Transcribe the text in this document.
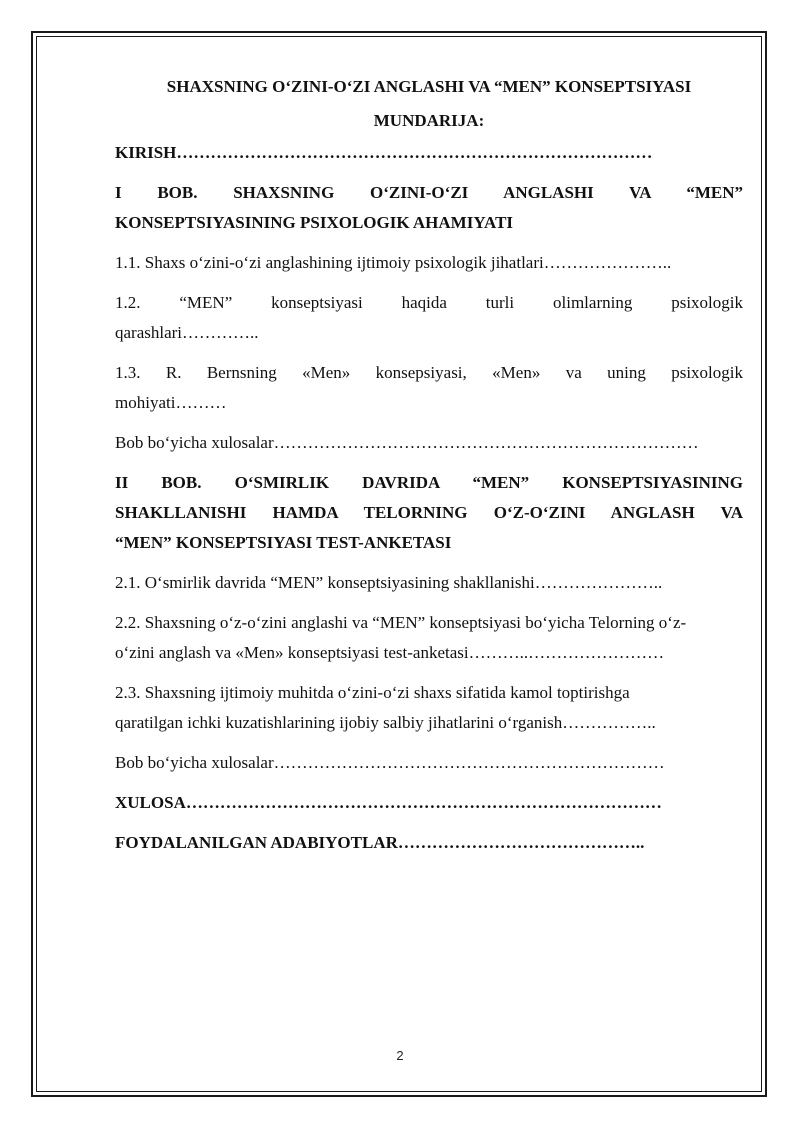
SHAXSNING O‘ZINI-O‘ZI ANGLASHI VA “MEN” KONSEPTSIYASI

MUNDARIJA:

KIRISH…………………………………………………………………………

I BOB. SHAXSNING O‘ZINI-O‘ZI ANGLASHI VA “MEN”

KONSEPTSIYASINING PSIXOLOGIK AHAMIYATI

1.1. Shaxs o‘zini-o‘zi anglashining ijtimoiy psixologik jihatlari…………………..

1.2. “MEN” konseptsiyasi haqida turli olimlarning psixologik

qarashlari…………..

1.3. R. Bernsning «Men» konsepsiyasi, «Men» va uning psixologik

mohiyati………

Bob bo‘yicha xulosalar…………………………………………………………………

II BOB. O‘SMIRLIK DAVRIDA “MEN” KONSEPTSIYASINING

SHAKLLANISHI HAMDA TELORNING O‘Z-O‘ZINI ANGLASH VA

“MEN” KONSEPTSIYASI TEST-ANKETASI

2.1. O‘smirlik davrida “MEN” konseptsiyasining shakllanishi…………………..

2.2. Shaxsning o‘z-o‘zini anglashi va “MEN” konseptsiyasi bo‘yicha Telorning o‘z-

o‘zini anglash va «Men» konseptsiyasi test-anketasi………..……………………

2.3. Shaxsning ijtimoiy muhitda o‘zini-o‘zi shaxs sifatida kamol toptirishga

qaratilgan ichki kuzatishlarining ijobiy salbiy jihatlarini o‘rganish……………..

Bob bo‘yicha xulosalar……………………………………………………………

XULOSA…………………………………………………………………………

FOYDALANILGAN ADABIYOTLAR……………………………………..

2
